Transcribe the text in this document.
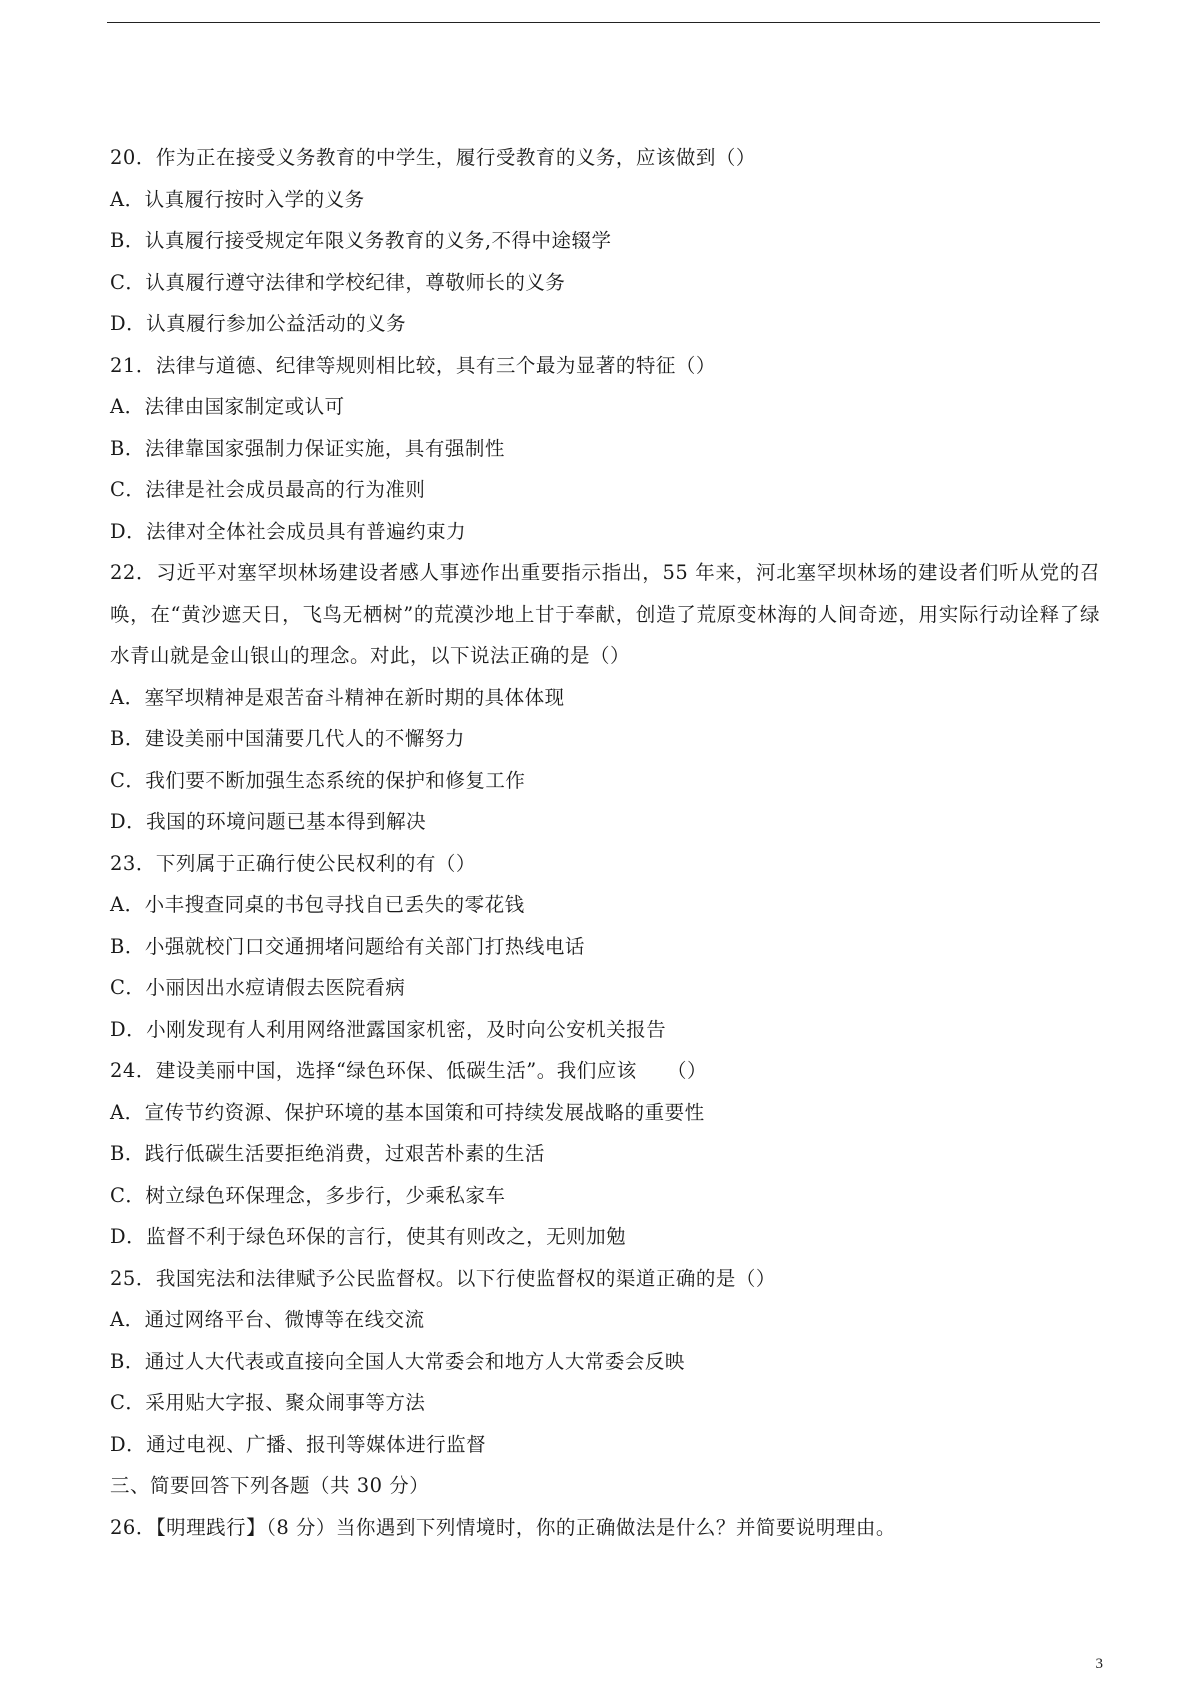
20．作为正在接受义务教育的中学生，履行受教育的义务，应该做到（）
A．认真履行按时入学的义务
B．认真履行接受规定年限义务教育的义务,不得中途辍学
C．认真履行遵守法律和学校纪律，尊敬师长的义务
D．认真履行参加公益活动的义务
21．法律与道德、纪律等规则相比较，具有三个最为显著的特征（）
A．法律由国家制定或认可
B．法律靠国家强制力保证实施，具有强制性
C．法律是社会成员最高的行为准则
D．法律对全体社会成员具有普遍约束力
22．习近平对塞罕坝林场建设者感人事迹作出重要指示指出，55 年来，河北塞罕坝林场的建设者们听从党的召唤，在“黄沙遮天日，飞鸟无栖树”的荒漠沙地上甘于奉献，创造了荒原变林海的人间奇迹，用实际行动诠释了绿水青山就是金山银山的理念。对此，以下说法正确的是（）
A．塞罕坝精神是艰苦奋斗精神在新时期的具体体现
B．建设美丽中国蒲要几代人的不懈努力
C．我们要不断加强生态系统的保护和修复工作
D．我国的环境问题已基本得到解决
23．下列属于正确行使公民权利的有（）
A．小丰搜查同桌的书包寻找自已丢失的零花钱
B．小强就校门口交通拥堵问题给有关部门打热线电话
C．小丽因出水痘请假去医院看病
D．小刚发现有人利用网络泄露国家机密，及时向公安机关报告
24．建设美丽中国，选择“绿色环保、低碳生活”。我们应该　　（）
A．宣传节约资源、保护环境的基本国策和可持续发展战略的重要性
B．践行低碳生活要拒绝消费，过艰苦朴素的生活
C．树立绿色环保理念，多步行，少乘私家车
D．监督不利于绿色环保的言行，使其有则改之，无则加勉
25．我国宪法和法律赋予公民监督权。以下行使监督权的渠道正确的是（）
A．通过网络平台、微博等在线交流
B．通过人大代表或直接向全国人大常委会和地方人大常委会反映
C．采用贴大字报、聚众闹事等方法
D．通过电视、广播、报刊等媒体进行监督
三、简要回答下列各题（共 30 分）
26．【明理践行】（8 分）当你遇到下列情境时，你的正确做法是什么？并简要说明理由。
3
